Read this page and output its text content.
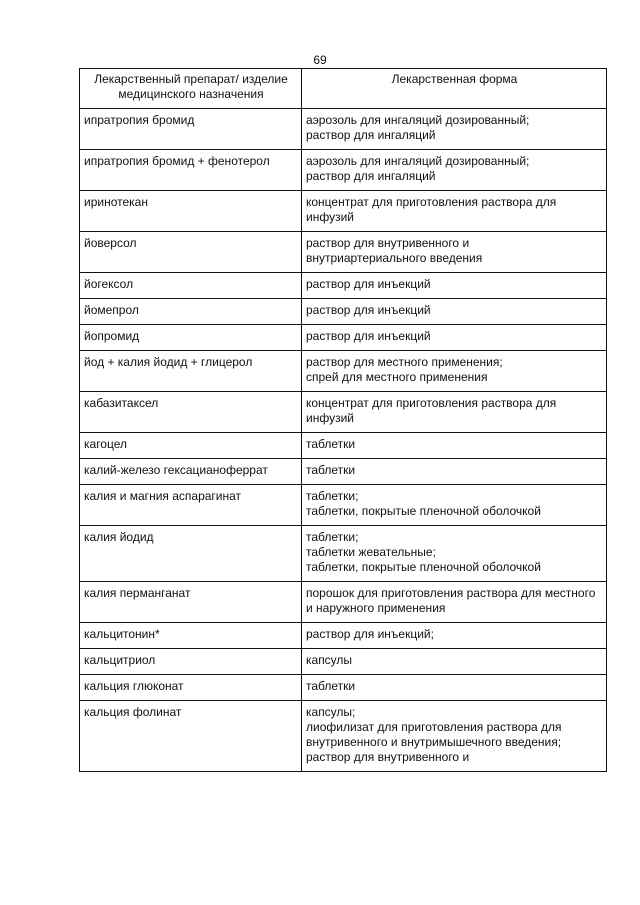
69
Лекарственный препарат/ изделие медицинского назначения	Лекарственная форма
ипратропия бромид	аэрозоль для ингаляций дозированный;
раствор для ингаляций
ипратропия бромид + фенотерол	аэрозоль для ингаляций дозированный;
раствор для ингаляций
иринотекан	концентрат для приготовления раствора для инфузий
йоверсол	раствор для внутривенного и
внутриартериального введения
йогексол	раствор для инъекций
йомепрол	раствор для инъекций
йопромид	раствор для инъекций
йод + калия йодид + глицерол	раствор для местного применения;
спрей для местного применения
кабазитаксел	концентрат для приготовления раствора для инфузий
кагоцел	таблетки
калий-железо гексацианоферрат	таблетки
калия и магния аспарагинат	таблетки;
таблетки, покрытые пленочной оболочкой
калия йодид	таблетки;
таблетки жевательные;
таблетки, покрытые пленочной оболочкой
калия перманганат	порошок для приготовления раствора для местного и наружного применения
кальцитонин*	раствор для инъекций;
кальцитриол	капсулы
кальция глюконат	таблетки
кальция фолинат	капсулы;
лиофилизат для приготовления раствора для внутривенного и внутримышечного введения;
раствор для внутривенного и
